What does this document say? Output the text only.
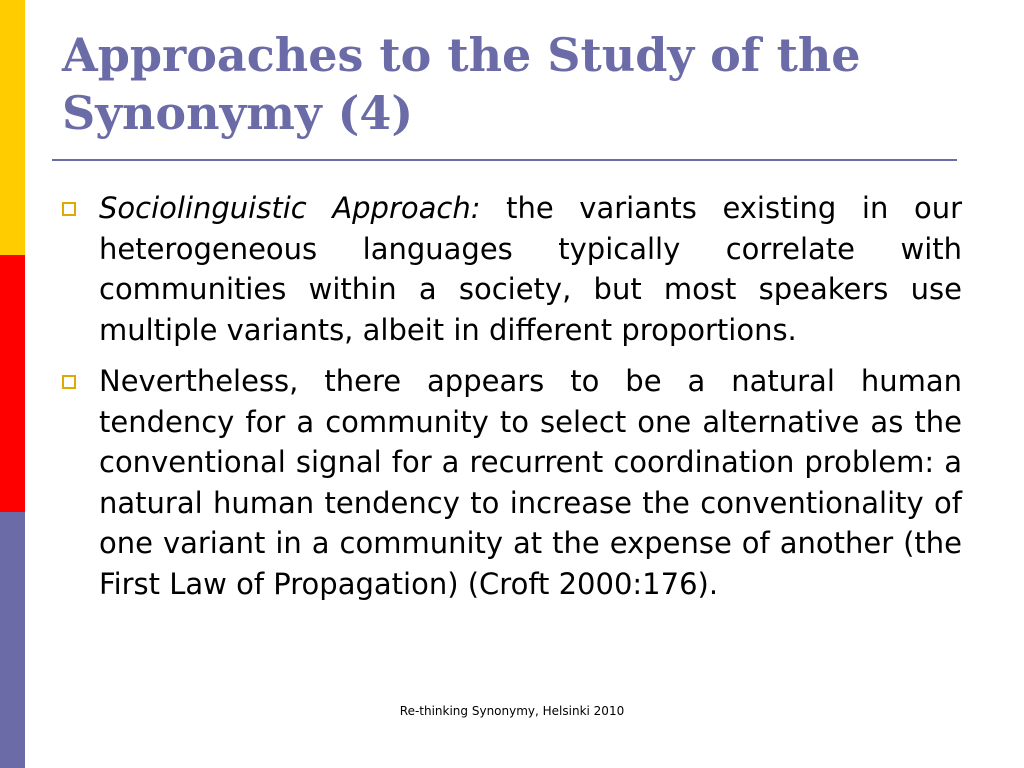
Approaches to the Study of the
Synonymy (4)
Sociolinguistic Approach: the variants existing in our heterogeneous languages typically correlate with communities within a society, but most speakers use multiple variants, albeit in different proportions.
Nevertheless, there appears to be a natural human tendency for a community to select one alternative as the conventional signal for a recurrent coordination problem: a natural human tendency to increase the conventionality of one variant in a community at the expense of another (the First Law of Propagation) (Croft 2000:176).
Re-thinking Synonymy, Helsinki 2010
